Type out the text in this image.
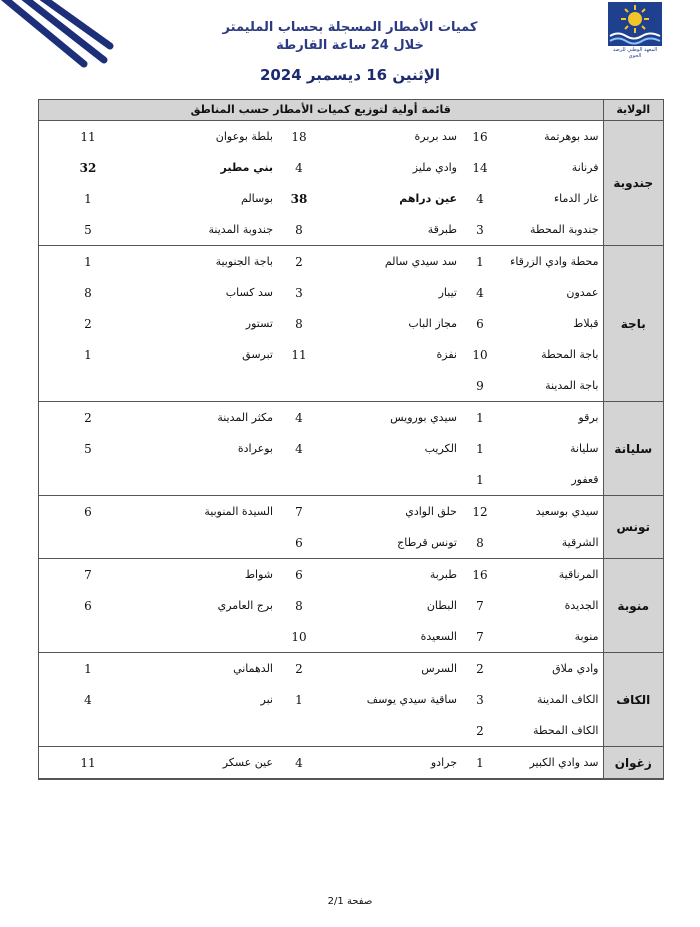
المعهد الوطني للرصد الجوي
كميات الأمطار المسجلة بحساب المليمتر
خلال 24 ساعة القارطة
الإثنين 16 ديسمبر 2024
الولاية	قائمة أولية لتوزيع كميات الأمطار حسب المناطق					
جندوبة	سد بوهرتمة	16	سد بربرة	18	بلطة بوعوان	11
	فرنانة	14	وادي مليز	4	بني مطير	32
	غار الدماء	4	عين دراهم	38	بوسالم	1
	جندوبة المحطة	3	طبرقة	8	جندوبة المدينة	5
باجة	محطة وادي الزرقاء	1	سد سيدي سالم	2	باجة الجنوبية	1
	عمدون	4	تيبار	3	سد كساب	8
	قبلاط	6	مجاز الباب	8	تستور	2
	باجة المحطة	10	نفزة	11	تبرسق	1
	باجة المدينة	9				
سليانة	برقو	1	سيدي بورويس	4	مكثر المدينة	2
	سليانة	1	الكريب	4	بوعرادة	5
	قعفور	1				
تونس	سيدي بوسعيد	12	حلق الوادي	7	السيدة المنوبية	6
	الشرقية	8	تونس قرطاج	6		
منوبة	المرناقية	16	طبربة	6	شواط	7
	الجديدة	7	البطان	8	برج العامري	6
	منوبة	7	السعيدة	10		
الكاف	وادي ملاق	2	السرس	2	الدهماني	1
	الكاف المدينة	3	ساقية سيدي يوسف	1	نبر	4
	الكاف المحطة	2				
زغوان	سد وادي الكبير	1	جرادو	4	عين عسكر	11
صفحة 2/1
